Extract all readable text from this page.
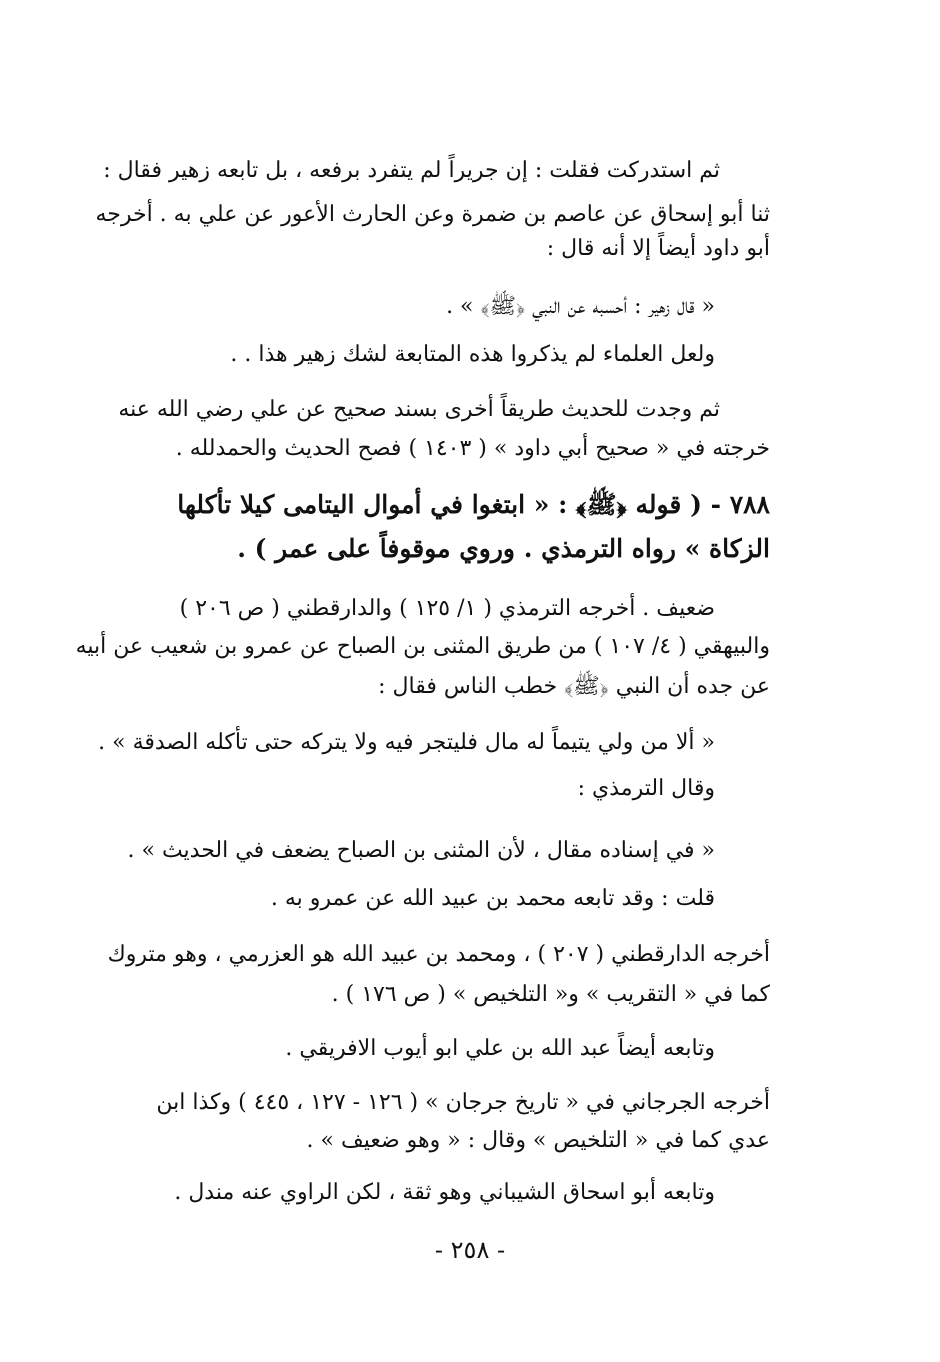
ثم استدركت فقلت : إن جريراً لم يتفرد برفعه ، بل تابعه زهير فقال :
ثنا أبو إسحاق عن عاصم بن ضمرة وعن الحارث الأعور عن علي به . أخرجه
أبو داود أيضاً إلا أنه قال :
« قال زهير : أحسبه عن النبي ﴿ﷺ﴾ » .
ولعل العلماء لم يذكروا هذه المتابعة لشك زهير هذا . .
ثم وجدت للحديث طريقاً أخرى بسند صحيح عن علي رضي الله عنه
خرجته في « صحيح أبي داود » ( ١٤٠٣ ) فصح الحديث والحمدلله .
٧٨٨ - ( قوله ﴿ﷺ﴾ : « ابتغوا في أموال اليتامى كيلا تأكلها
الزكاة » رواه الترمذي . وروي موقوفاً على عمر ) .
ضعيف . أخرجه الترمذي ( ١/ ١٢٥ ) والدارقطني ( ص ٢٠٦ )
والبيهقي ( ٤/ ١٠٧ ) من طريق المثنى بن الصباح عن عمرو بن شعيب عن أبيه
عن جده أن النبي ﴿ﷺ﴾ خطب الناس فقال :
« ألا من ولي يتيماً له مال فليتجر فيه ولا يتركه حتى تأكله الصدقة » .
وقال الترمذي :
« في إسناده مقال ، لأن المثنى بن الصباح يضعف في الحديث » .
قلت : وقد تابعه محمد بن عبيد الله عن عمرو به .
أخرجه الدارقطني ( ٢٠٧ ) ، ومحمد بن عبيد الله هو العزرمي ، وهو متروك
كما في « التقريب » و« التلخيص » ( ص ١٧٦ ) .
وتابعه أيضاً عبد الله بن علي ابو أيوب الافريقي .
أخرجه الجرجاني في « تاريخ جرجان » ( ١٢٦ - ١٢٧ ، ٤٤٥ ) وكذا ابن
عدي كما في « التلخيص » وقال : « وهو ضعيف » .
وتابعه أبو اسحاق الشيباني وهو ثقة ، لكن الراوي عنه مندل .
- ٢٥٨ -
